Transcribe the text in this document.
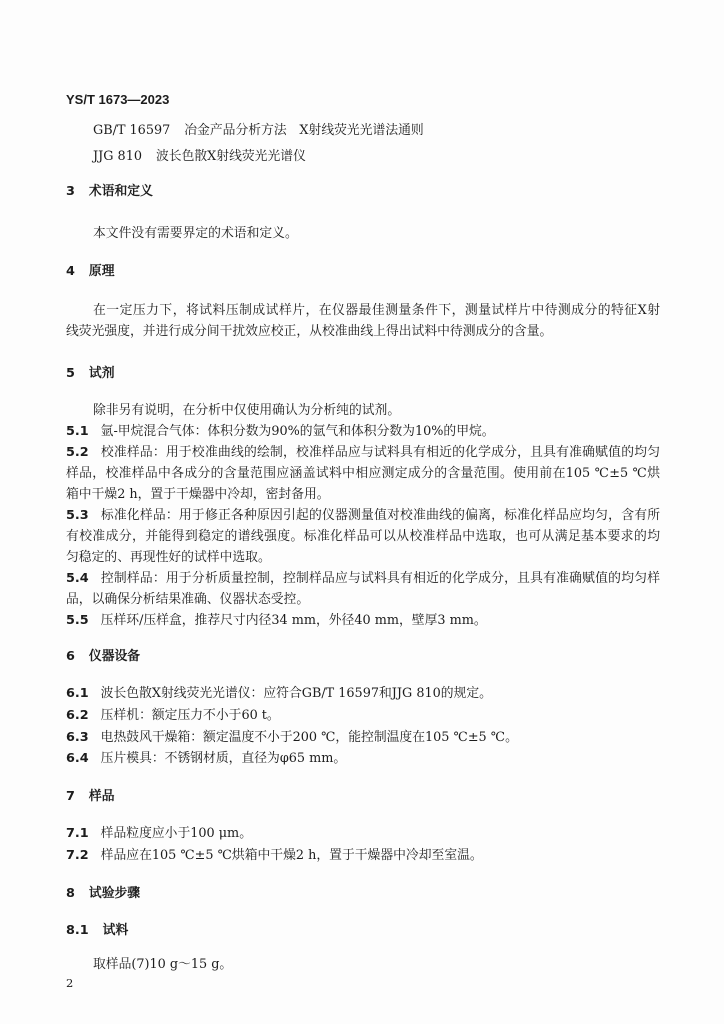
YS/T 1673—2023
GB/T 16597 冶金产品分析方法　X射线荧光光谱法通则
JJG 810 波长色散X射线荧光光谱仪
3 术语和定义
本文件没有需要界定的术语和定义。
4 原理
在一定压力下，将试料压制成试样片，在仪器最佳测量条件下，测量试样片中待测成分的特征X射
线荧光强度，并进行成分间干扰效应校正，从校准曲线上得出试料中待测成分的含量。
5 试剂
除非另有说明，在分析中仅使用确认为分析纯的试剂。
5.1 氩-甲烷混合气体：体积分数为90%的氩气和体积分数为10%的甲烷。
5.2 校准样品：用于校准曲线的绘制，校准样品应与试料具有相近的化学成分，且具有准确赋值的均匀
样品，校准样品中各成分的含量范围应涵盖试料中相应测定成分的含量范围。使用前在105 ℃±5 ℃烘
箱中干燥2 h，置于干燥器中冷却，密封备用。
5.3 标准化样品：用于修正各种原因引起的仪器测量值对校准曲线的偏离，标准化样品应均匀，含有所
有校准成分，并能得到稳定的谱线强度。标准化样品可以从校准样品中选取，也可从满足基本要求的均
匀稳定的、再现性好的试样中选取。
5.4 控制样品：用于分析质量控制，控制样品应与试料具有相近的化学成分，且具有准确赋值的均匀样
品，以确保分析结果准确、仪器状态受控。
5.5 压样环/压样盒，推荐尺寸内径34 mm，外径40 mm，壁厚3 mm。
6 仪器设备
6.1 波长色散X射线荧光光谱仪：应符合GB/T 16597和JJG 810的规定。
6.2 压样机：额定压力不小于60 t。
6.3 电热鼓风干燥箱：额定温度不小于200 ℃，能控制温度在105 ℃±5 ℃。
6.4 压片模具：不锈钢材质，直径为φ65 mm。
7 样品
7.1 样品粒度应小于100 μm。
7.2 样品应在105 ℃±5 ℃烘箱中干燥2 h，置于干燥器中冷却至室温。
8 试验步骤
8.1 试料
取样品(7)10 g～15 g。
2
